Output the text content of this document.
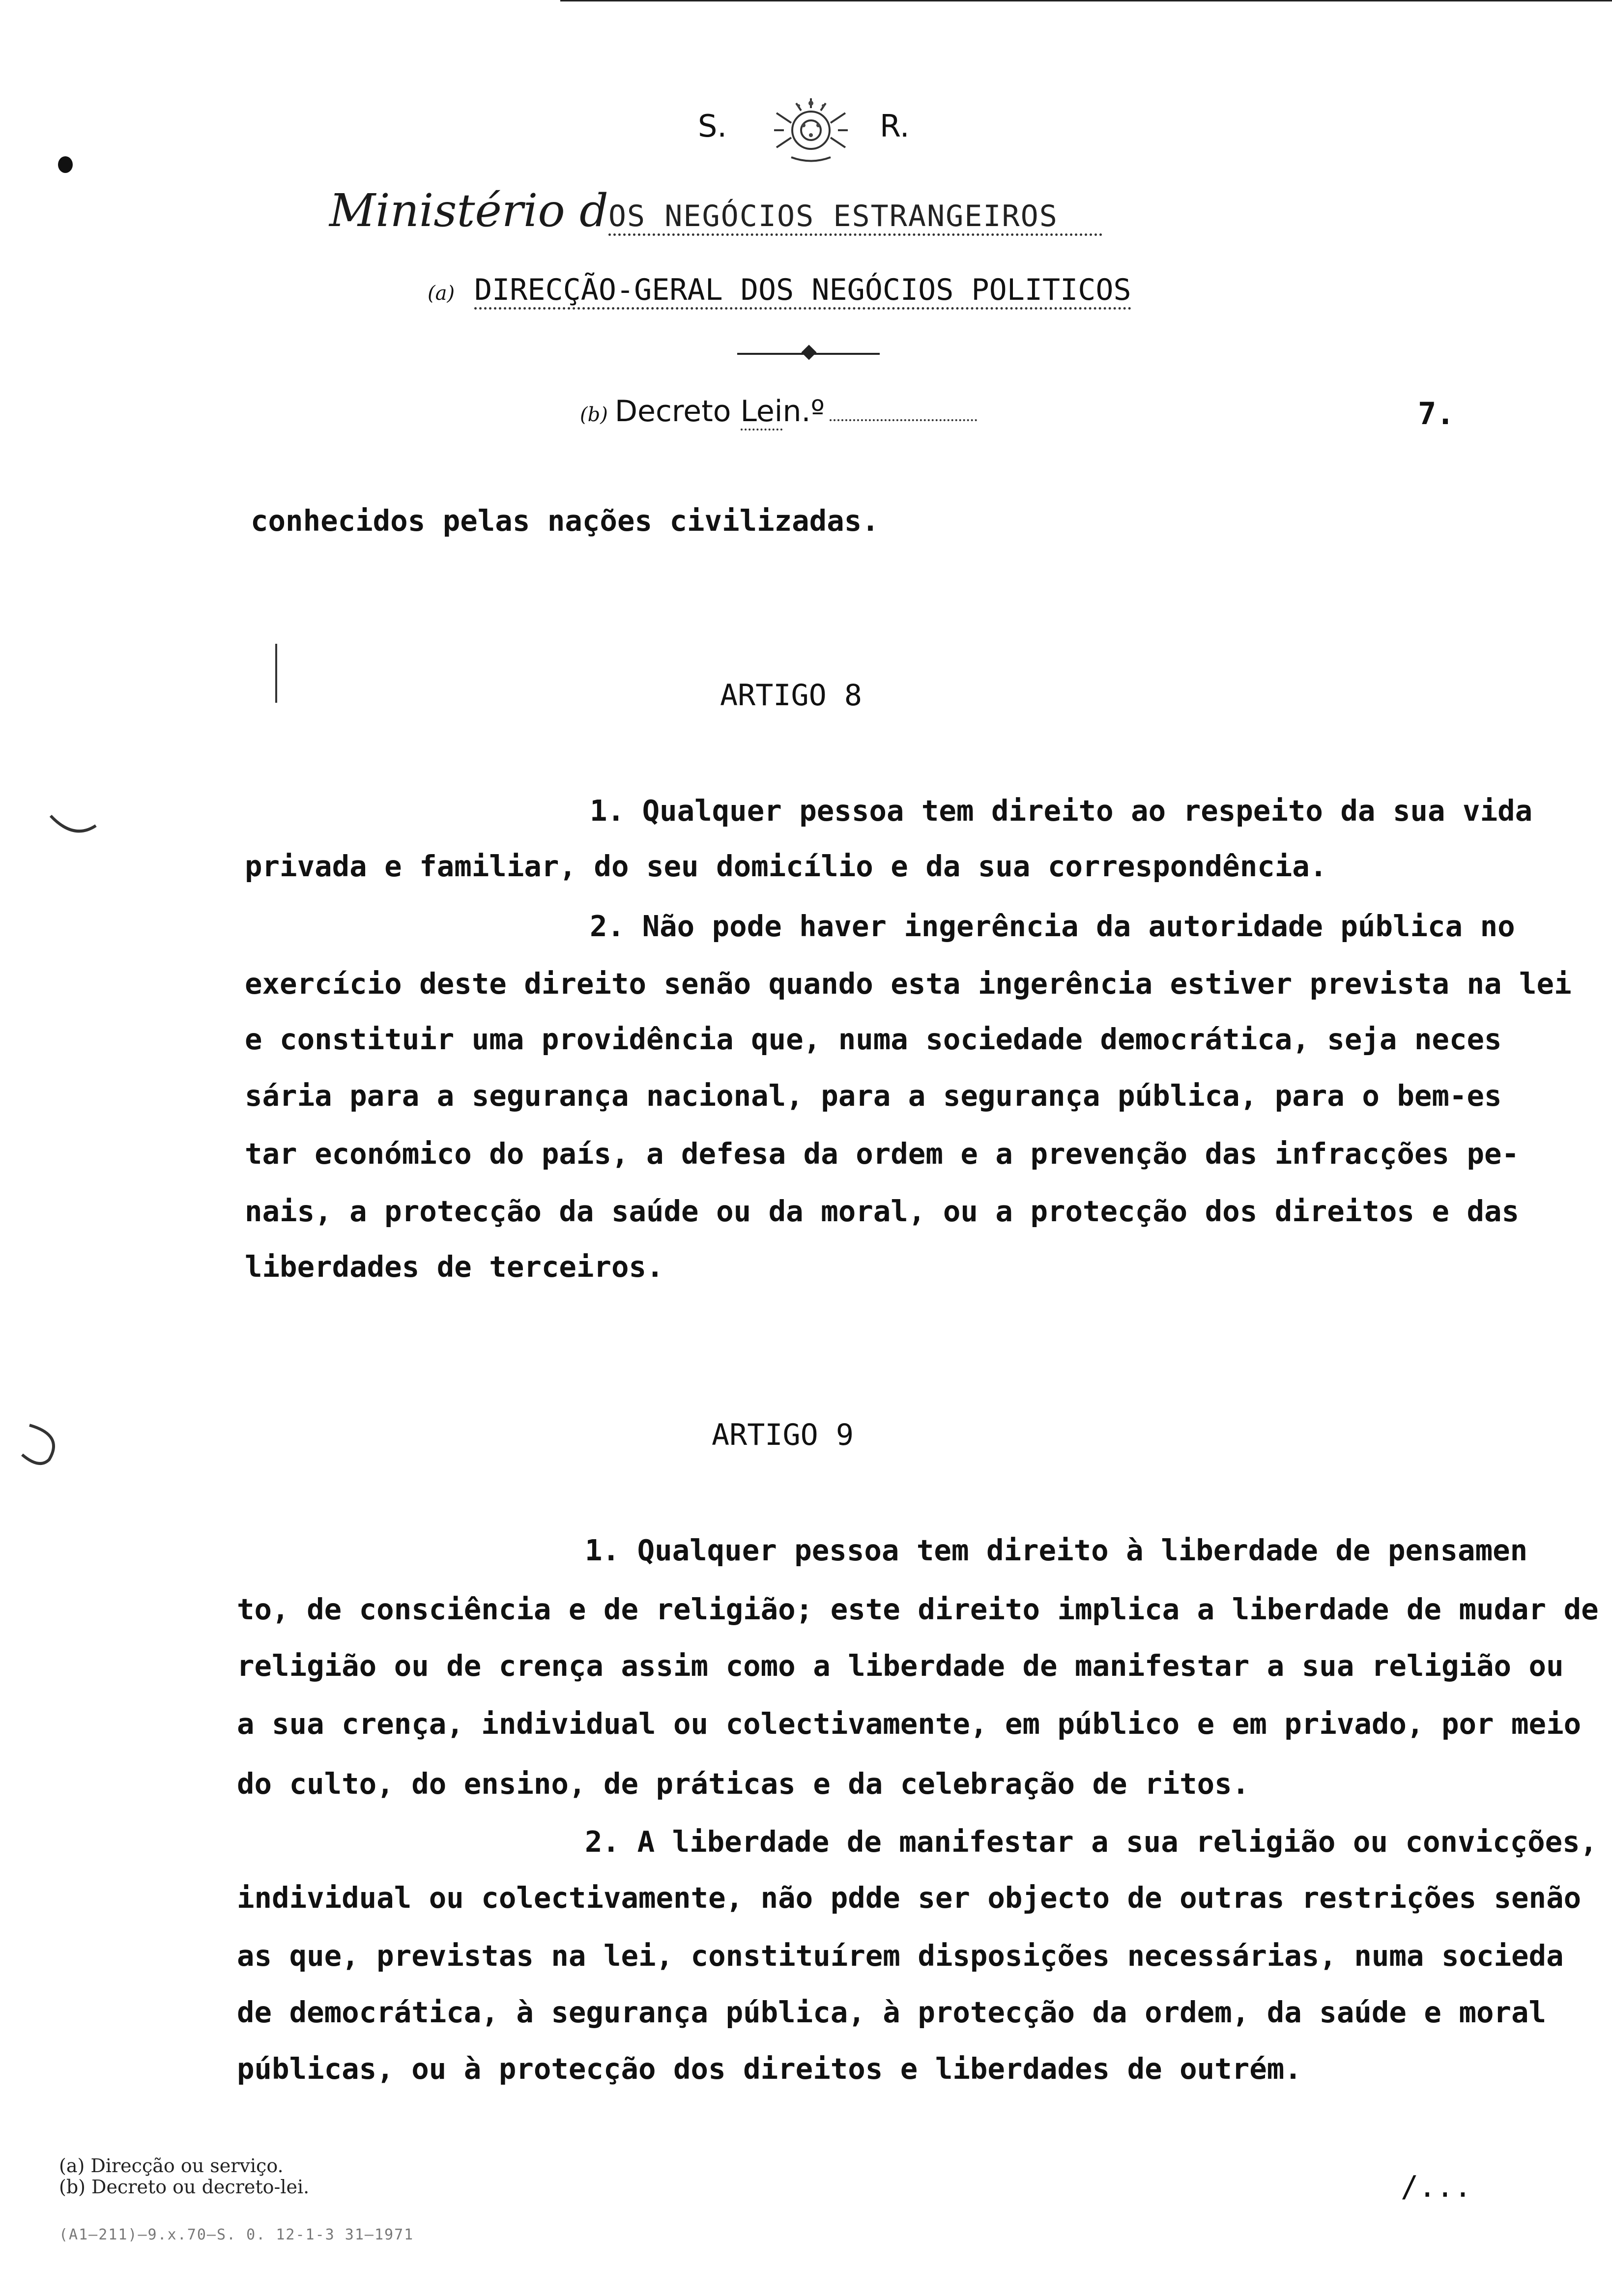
S.	R.
Ministério dOS NEGÓCIOS ESTRANGEIROS
(a) DIRECÇÃO-GERAL DOS NEGÓCIOS POLITICOS
(b) Decreto Lein.º	7.
conhecidos pelas nações civilizadas.
ARTIGO 8
1. Qualquer pessoa tem direito ao respeito da sua vida
privada e familiar, do seu domicílio e da sua correspondência.
2. Não pode haver ingerência da autoridade pública no
exercício deste direito senão quando esta ingerência estiver prevista na lei
e constituir uma providência que, numa sociedade democrática, seja neces
sária para a segurança nacional, para a segurança pública, para o bem-es
tar económico do país, a defesa da ordem e a prevenção das infracções pe-
nais, a protecção da saúde ou da moral, ou a protecção dos direitos e das
liberdades de terceiros.
ARTIGO 9
1. Qualquer pessoa tem direito à liberdade de pensamen
to, de consciência e de religião; este direito implica a liberdade de mudar de
religião ou de crença assim como a liberdade de manifestar a sua religião ou
a sua crença, individual ou colectivamente, em público e em privado, por meio
do culto, do ensino, de práticas e da celebração de ritos.
2. A liberdade de manifestar a sua religião ou convicções,
individual ou colectivamente, não pdde ser objecto de outras restrições senão
as que, previstas na lei, constituírem disposições necessárias, numa socieda
de democrática, à segurança pública, à protecção da ordem, da saúde e moral
públicas, ou à protecção dos direitos e liberdades de outrém.
(a) Direcção ou serviço.
(b) Decreto ou decreto-lei.	/...
(A1—211)—9.x.70—S. 0. 12-1-3 31—1971
